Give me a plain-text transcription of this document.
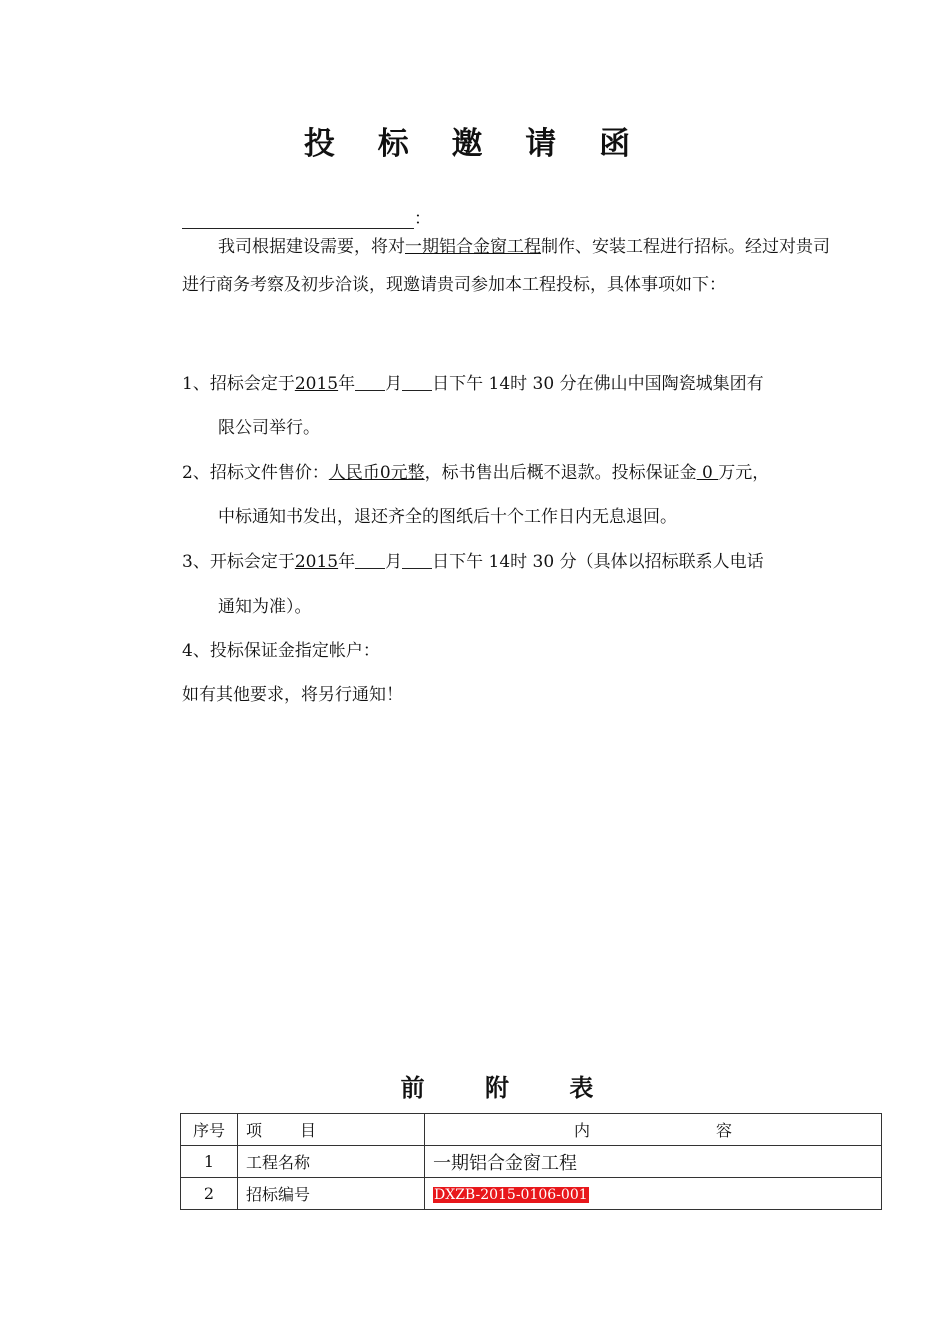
投 标 邀 请 函
：

我司根据建设需要，将对一期铝合金窗工程制作、安装工程进行招标。经过对贵司进行商务考察及初步洽谈，现邀请贵司参加本工程投标，具体事项如下：

1、招标会定于2015年 月 日下午 14时 30 分在佛山中国陶瓷城集团有
限公司举行。
2、招标文件售价：人民币0元整，标书售出后概不退款。投标保证金 0 万元，
中标通知书发出，退还齐全的图纸后十个工作日内无息退回。
3、开标会定于2015年 月 日下午 14时 30 分（具体以招标联系人电话
通知为准）。
4、投标保证金指定帐户：
如有其他要求，将另行通知！
前 附 表
序号	项 目	内 容
1	工程名称	一期铝合金窗工程
2	招标编号	DXZB-2015-0106-001
